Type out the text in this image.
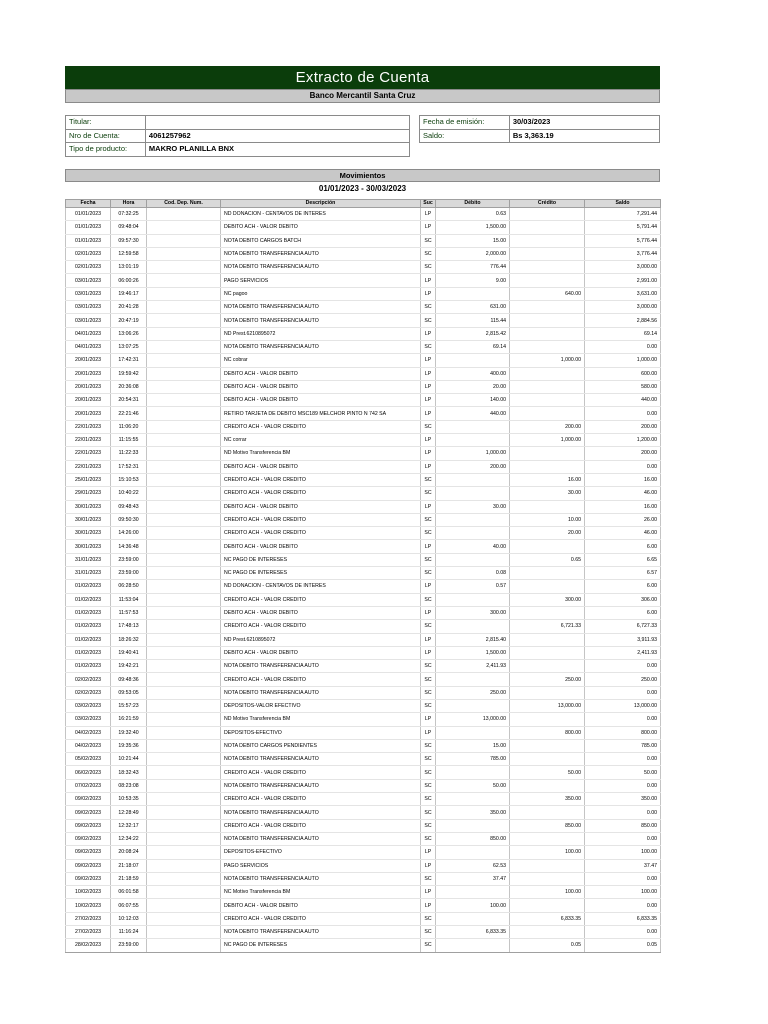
Extracto de Cuenta
Banco Mercantil Santa Cruz
Titular:	
Nro de Cuenta:	4061257962
Tipo de producto:	MAKRO PLANILLA BNX
Fecha de emisión:	30/03/2023
Saldo:	Bs 3,363.19
Movimientos
01/01/2023 - 30/03/2023
Fecha	Hora	Cod. Dep. Num.	Descripción	Suc	Débito	Crédito	Saldo
01/01/2023	07:32:25		ND DONACION - CENTAVOS DE INTERES	LP	0.63		7,291.44
01/01/2023	09:48:04		DEBITO ACH - VALOR DEBITO	LP	1,500.00		5,791.44
01/01/2023	09:57:30		NOTA DEBITO CARGOS BATCH	SC	15.00		5,776.44
02/01/2023	12:59:58		NOTA DEBITO TRANSFERENCIA AUTO	SC	2,000.00		3,776.44
02/01/2023	13:01:19		NOTA DEBITO TRANSFERENCIA AUTO	SC	776.44		3,000.00
03/01/2023	06:00:26		PAGO SERVICIOS	LP	9.00		2,991.00
03/01/2023	19:46:17		NC pagoo	LP		640.00	3,631.00
03/01/2023	20:41:28		NOTA DEBITO TRANSFERENCIA AUTO	SC	631.00		3,000.00
03/01/2023	20:47:19		NOTA DEBITO TRANSFERENCIA AUTO	SC	115.44		2,884.56
04/01/2023	13:06:26		ND Prest.6210895072	LP	2,815.42		69.14
04/01/2023	13:07:25		NOTA DEBITO TRANSFERENCIA AUTO	SC	69.14		0.00
20/01/2023	17:42:31		NC cobrar	LP		1,000.00	1,000.00
20/01/2023	19:59:42		DEBITO ACH - VALOR DEBITO	LP	400.00		600.00
20/01/2023	20:36:08		DEBITO ACH - VALOR DEBITO	LP	20.00		580.00
20/01/2023	20:54:31		DEBITO ACH - VALOR DEBITO	LP	140.00		440.00
20/01/2023	22:21:46		RETIRO TARJETA DE DEBITO MSC189 MELCHOR PINTO N 742 SA	LP	440.00		0.00
22/01/2023	11:06:20		CREDITO ACH - VALOR CREDITO	SC		200.00	200.00
22/01/2023	11:15:55		NC corrar	LP		1,000.00	1,200.00
22/01/2023	11:22:33		ND Motivo Transferencia BM	LP	1,000.00		200.00
22/01/2023	17:52:31		DEBITO ACH - VALOR DEBITO	LP	200.00		0.00
25/01/2023	15:10:53		CREDITO ACH - VALOR CREDITO	SC		16.00	16.00
29/01/2023	10:40:22		CREDITO ACH - VALOR CREDITO	SC		30.00	46.00
30/01/2023	09:48:43		DEBITO ACH - VALOR DEBITO	LP	30.00		16.00
30/01/2023	09:50:30		CREDITO ACH - VALOR CREDITO	SC		10.00	26.00
30/01/2023	14:26:00		CREDITO ACH - VALOR CREDITO	SC		20.00	46.00
30/01/2023	14:36:48		DEBITO ACH - VALOR DEBITO	LP	40.00		6.00
31/01/2023	23:59:00		NC PAGO DE INTERESES	SC		0.65	6.65
31/01/2023	23:59:00		NC PAGO DE INTERESES	SC	0.08		6.57
01/02/2023	06:28:50		ND DONACION - CENTAVOS DE INTERES	LP	0.57		6.00
01/02/2023	11:53:04		CREDITO ACH - VALOR CREDITO	SC		300.00	306.00
01/02/2023	11:57:53		DEBITO ACH - VALOR DEBITO	LP	300.00		6.00
01/02/2023	17:48:13		CREDITO ACH - VALOR CREDITO	SC		6,721.33	6,727.33
01/02/2023	18:26:32		ND Prest.6210895072	LP	2,815.40		3,911.93
01/02/2023	19:40:41		DEBITO ACH - VALOR DEBITO	LP	1,500.00		2,411.93
01/02/2023	19:42:21		NOTA DEBITO TRANSFERENCIA AUTO	SC	2,411.93		0.00
02/02/2023	09:48:36		CREDITO ACH - VALOR CREDITO	SC		250.00	250.00
02/02/2023	09:53:05		NOTA DEBITO TRANSFERENCIA AUTO	SC	250.00		0.00
03/02/2023	15:57:23		DEPOSITOS-VALOR EFECTIVO	SC		13,000.00	13,000.00
03/02/2023	16:21:59		ND Motivo Transferencia BM	LP	13,000.00		0.00
04/02/2023	19:32:40		DEPOSITOS-EFECTIVO	LP		800.00	800.00
04/02/2023	19:35:36		NOTA DEBITO CARGOS PENDIENTES	SC	15.00		785.00
05/02/2023	10:21:44		NOTA DEBITO TRANSFERENCIA AUTO	SC	785.00		0.00
06/02/2023	18:32:43		CREDITO ACH - VALOR CREDITO	SC		50.00	50.00
07/02/2023	08:23:08		NOTA DEBITO TRANSFERENCIA AUTO	SC	50.00		0.00
09/02/2023	10:53:35		CREDITO ACH - VALOR CREDITO	SC		350.00	350.00
09/02/2023	12:28:49		NOTA DEBITO TRANSFERENCIA AUTO	SC	350.00		0.00
09/02/2023	12:32:17		CREDITO ACH - VALOR CREDITO	SC		850.00	850.00
09/02/2023	12:34:22		NOTA DEBITO TRANSFERENCIA AUTO	SC	850.00		0.00
09/02/2023	20:08:24		DEPOSITOS-EFECTIVO	LP		100.00	100.00
09/02/2023	21:18:07		PAGO SERVICIOS	LP	62.53		37.47
09/02/2023	21:18:59		NOTA DEBITO TRANSFERENCIA AUTO	SC	37.47		0.00
10/02/2023	06:01:58		NC Motivo Transferencia BM	LP		100.00	100.00
10/02/2023	06:07:55		DEBITO ACH - VALOR DEBITO	LP	100.00		0.00
27/02/2023	10:12:03		CREDITO ACH - VALOR CREDITO	SC		6,833.35	6,833.35
27/02/2023	11:16:24		NOTA DEBITO TRANSFERENCIA AUTO	SC	6,833.35		0.00
28/02/2023	23:59:00		NC PAGO DE INTERESES	SC		0.05	0.05
